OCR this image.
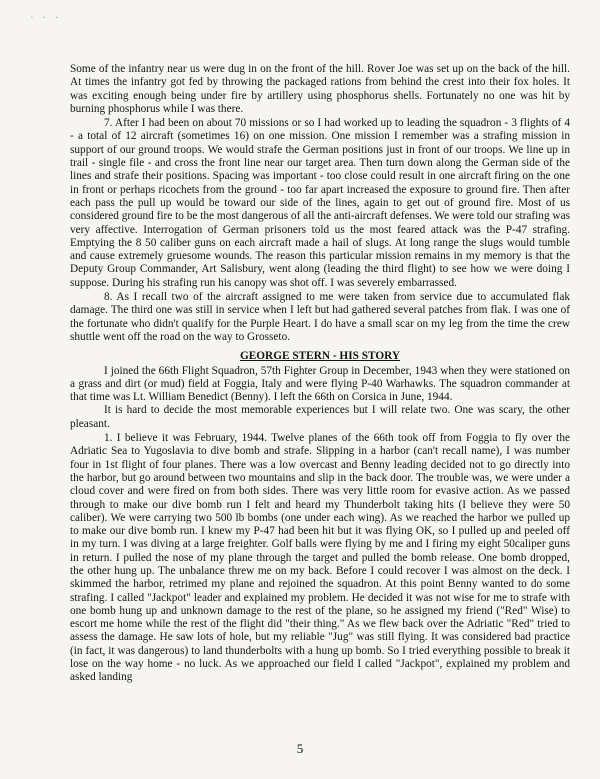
· · ·

Some of the infantry near us were dug in on the front of the hill. Rover Joe was set up on the back of the hill. At times the infantry got fed by throwing the packaged rations from behind the crest into their fox holes. It was exciting enough being under fire by artillery using phosphorus shells. Fortunately no one was hit by burning phosphorus while I was there.

7. After I had been on about 70 missions or so I had worked up to leading the squadron - 3 flights of 4 - a total of 12 aircraft (sometimes 16) on one mission. One mission I remember was a strafing mission in support of our ground troops. We would strafe the German positions just in front of our troops. We line up in trail - single file - and cross the front line near our target area. Then turn down along the German side of the lines and strafe their positions. Spacing was important - too close could result in one aircraft firing on the one in front or perhaps ricochets from the ground - too far apart increased the exposure to ground fire. Then after each pass the pull up would be toward our side of the lines, again to get out of ground fire. Most of us considered ground fire to be the most dangerous of all the anti-aircraft defenses. We were told our strafing was very affective. Interrogation of German prisoners told us the most feared attack was the P-47 strafing. Emptying the 8 50 caliber guns on each aircraft made a hail of slugs. At long range the slugs would tumble and cause extremely gruesome wounds. The reason this particular mission remains in my memory is that the Deputy Group Commander, Art Salisbury, went along (leading the third flight) to see how we were doing I suppose. During his strafing run his canopy was shot off. I was severely embarrassed.

8. As I recall two of the aircraft assigned to me were taken from service due to accumulated flak damage. The third one was still in service when I left but had gathered several patches from flak. I was one of the fortunate who didn't qualify for the Purple Heart. I do have a small scar on my leg from the time the crew shuttle went off the road on the way to Grosseto.

GEORGE STERN - HIS STORY

I joined the 66th Flight Squadron, 57th Fighter Group in December, 1943 when they were stationed on a grass and dirt (or mud) field at Foggia, Italy and were flying P-40 Warhawks. The squadron commander at that time was Lt. William Benedict (Benny). I left the 66th on Corsica in June, 1944.

It is hard to decide the most memorable experiences but I will relate two. One was scary, the other pleasant.

1. I believe it was February, 1944. Twelve planes of the 66th took off from Foggia to fly over the Adriatic Sea to Yugoslavia to dive bomb and strafe. Slipping in a harbor (can't recall name), I was number four in 1st flight of four planes. There was a low overcast and Benny leading decided not to go directly into the harbor, but go around between two mountains and slip in the back door. The trouble was, we were under a cloud cover and were fired on from both sides. There was very little room for evasive action. As we passed through to make our dive bomb run I felt and heard my Thunderbolt taking hits (I believe they were 50 caliber). We were carrying two 500 lb bombs (one under each wing). As we reached the harbor we pulled up to make our dive bomb run. I knew my P-47 had been hit but it was flying OK, so I pulled up and peeled off in my turn. I was diving at a large freighter. Golf balls were flying by me and I firing my eight 50caliper guns in return. I pulled the nose of my plane through the target and pulled the bomb release. One bomb dropped, the other hung up. The unbalance threw me on my back. Before I could recover I was almost on the deck. I skimmed the harbor, retrimed my plane and rejoined the squadron. At this point Benny wanted to do some strafing. I called "Jackpot" leader and explained my problem. He decided it was not wise for me to strafe with one bomb hung up and unknown damage to the rest of the plane, so he assigned my friend ("Red" Wise) to escort me home while the rest of the flight did "their thing." As we flew back over the Adriatic "Red" tried to assess the damage. He saw lots of hole, but my reliable "Jug" was still flying. It was considered bad practice (in fact, it was dangerous) to land thunderbolts with a hung up bomb. So I tried everything possible to break it lose on the way home - no luck. As we approached our field I called "Jackpot", explained my problem and asked landing

5
